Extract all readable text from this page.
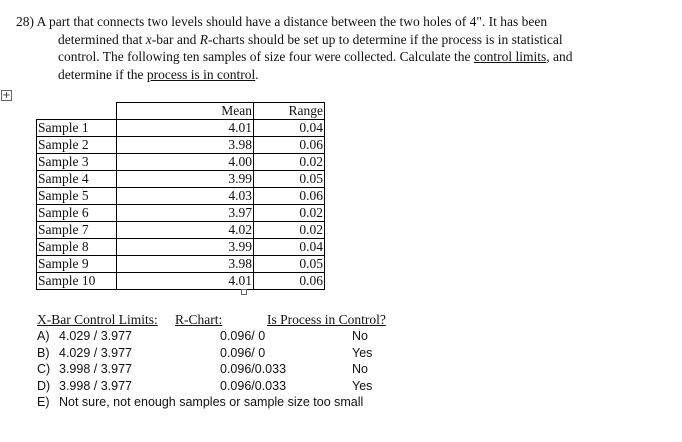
28) A part that connects two levels should have a distance between the two holes of 4". It has been
determined that x-bar and R-charts should be set up to determine if the process is in statistical
control. The following ten samples of size four were collected. Calculate the control limits, and
determine if the process is in control.
+
	Mean	Range
Sample 1	4.01	0.04
Sample 2	3.98	0.06
Sample 3	4.00	0.02
Sample 4	3.99	0.05
Sample 5	4.03	0.06
Sample 6	3.97	0.02
Sample 7	4.02	0.02
Sample 8	3.99	0.04
Sample 9	3.98	0.05
Sample 10	4.01	0.06
X-Bar Control Limits: R-Chart:	Is Process in Control?
A) 4.029 / 3.977	0.096/ 0	No
B) 4.029 / 3.977	0.096/ 0	Yes
C) 3.998 / 3.977	0.096/0.033	No
D) 3.998 / 3.977	0.096/0.033	Yes
E) Not sure, not enough samples or sample size too small
